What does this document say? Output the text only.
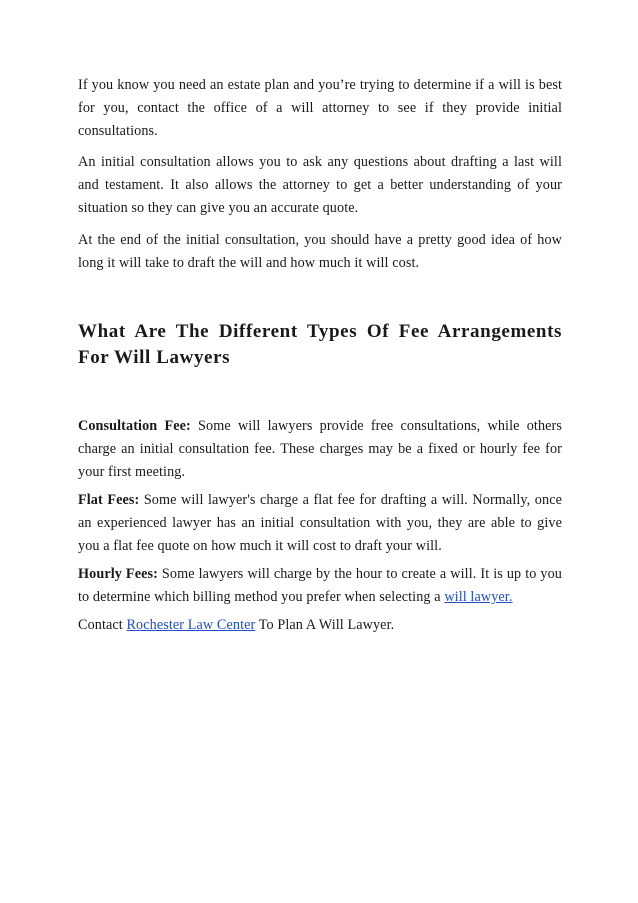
If you know you need an estate plan and you’re trying to determine if a will is best for you, contact the office of a will attorney to see if they provide initial consultations.

An initial consultation allows you to ask any questions about drafting a last will and testament. It also allows the attorney to get a better understanding of your situation so they can give you an accurate quote.

At the end of the initial consultation, you should have a pretty good idea of how long it will take to draft the will and how much it will cost.

What Are The Different Types Of Fee Arrangements For Will Lawyers

Consultation Fee: Some will lawyers provide free consultations, while others charge an initial consultation fee. These charges may be a fixed or hourly fee for your first meeting.

Flat Fees: Some will lawyer's charge a flat fee for drafting a will. Normally, once an experienced lawyer has an initial consultation with you, they are able to give you a flat fee quote on how much it will cost to draft your will.

Hourly Fees: Some lawyers will charge by the hour to create a will. It is up to you to determine which billing method you prefer when selecting a will lawyer.

Contact Rochester Law Center To Plan A Will Lawyer.
